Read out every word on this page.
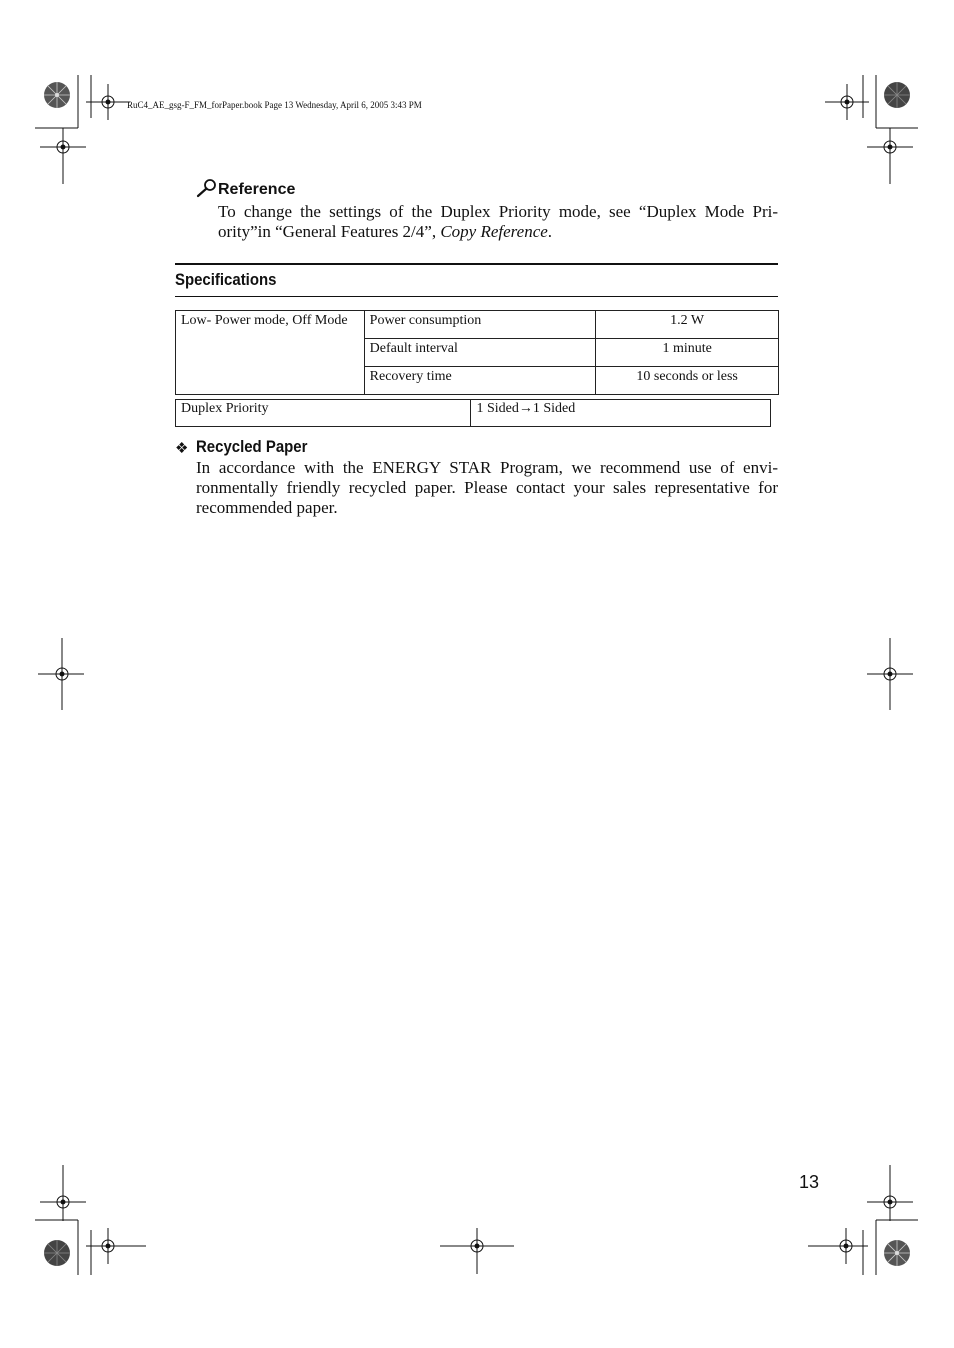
RuC4_AE_gsg-F_FM_forPaper.book Page 13 Wednesday, April 6, 2005 3:43 PM
Reference
To change the settings of the Duplex Priority mode, see “Duplex Mode Pri-ority”in “General Features 2/4”, Copy Reference.
Specifications
Low- Power mode, Off Mode	Power consumption	1.2 W
	Default interval	1 minute
	Recovery time	10 seconds or less
Duplex Priority	1 Sided→1 Sided
❖ Recycled Paper
In accordance with the ENERGY STAR Program, we recommend use of envi-ronmentally friendly recycled paper. Please contact your sales representative for recommended paper.
13
